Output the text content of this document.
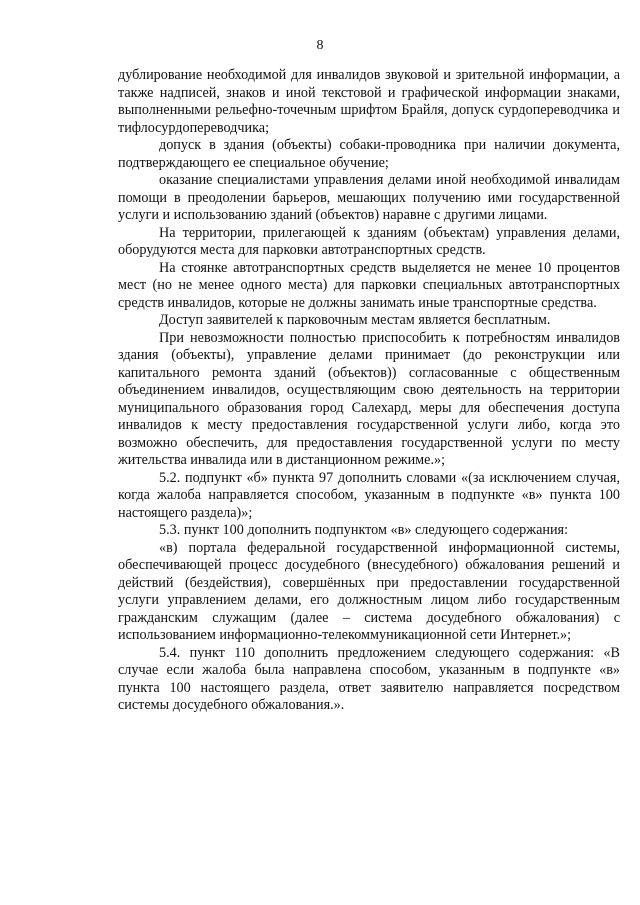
8

дублирование необходимой для инвалидов звуковой и зрительной информации, а также надписей, знаков и иной текстовой и графической информации знаками, выполненными рельефно-точечным шрифтом Брайля, допуск сурдопереводчика и тифлосурдопереводчика;

допуск в здания (объекты) собаки-проводника при наличии документа, подтверждающего ее специальное обучение;

оказание специалистами управления делами иной необходимой инвалидам помощи в преодолении барьеров, мешающих получению ими государственной услуги и использованию зданий (объектов) наравне с другими лицами.

На территории, прилегающей к зданиям (объектам) управления делами, оборудуются места для парковки автотранспортных средств.

На стоянке автотранспортных средств выделяется не менее 10 процентов мест (но не менее одного места) для парковки специальных автотранспортных средств инвалидов, которые не должны занимать иные транспортные средства.

Доступ заявителей к парковочным местам является бесплатным.

При невозможности полностью приспособить к потребностям инвалидов здания (объекты), управление делами принимает (до реконструкции или капитального ремонта зданий (объектов)) согласованные с общественным объединением инвалидов, осуществляющим свою деятельность на территории муниципального образования город Салехард, меры для обеспечения доступа инвалидов к месту предоставления государственной услуги либо, когда это возможно обеспечить, для предоставления государственной услуги по месту жительства инвалида или в дистанционном режиме.»;

5.2. подпункт «б» пункта 97 дополнить словами «(за исключением случая, когда жалоба направляется способом, указанным в подпункте «в» пункта 100 настоящего раздела)»;

5.3. пункт 100 дополнить подпунктом «в» следующего содержания:

«в) портала федеральной государственной информационной системы, обеспечивающей процесс досудебного (внесудебного) обжалования решений и действий (бездействия), совершённых при предоставлении государственной услуги управлением делами, его должностным лицом либо государственным гражданским служащим (далее – система досудебного обжалования) с использованием информационно-телекоммуникационной сети Интернет.»;

5.4. пункт 110 дополнить предложением следующего содержания: «В случае если жалоба была направлена способом, указанным в подпункте «в» пункта 100 настоящего раздела, ответ заявителю направляется посредством системы досудебного обжалования.».
